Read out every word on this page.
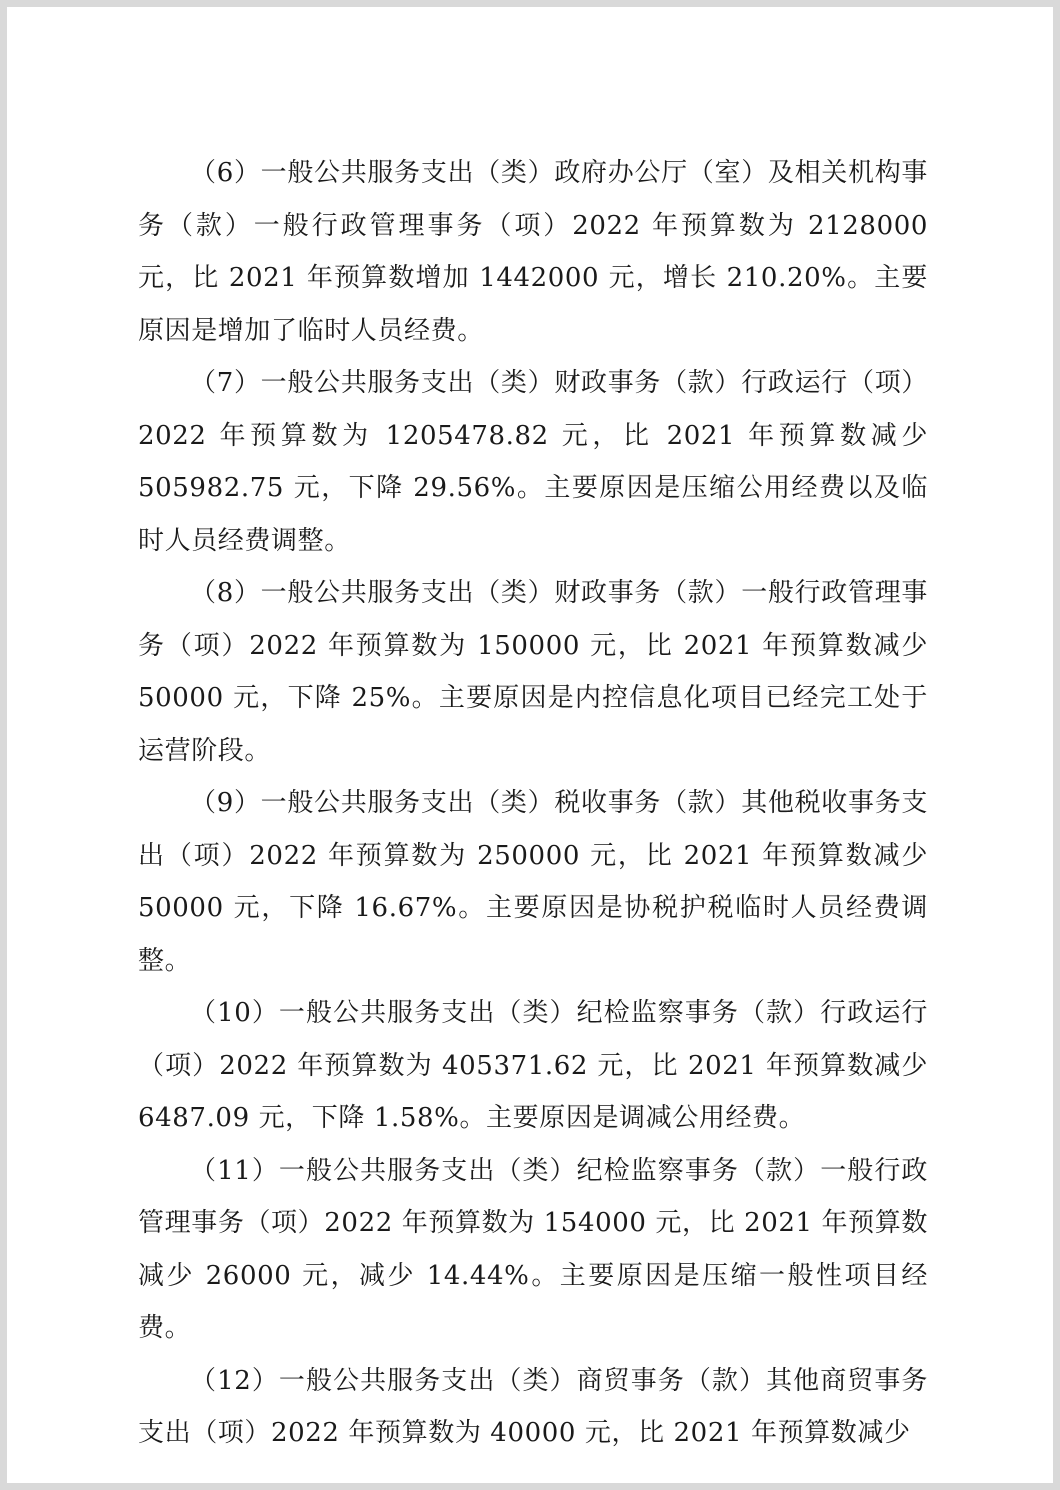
（6）一般公共服务支出（类）政府办公厅（室）及相关机构事务（款）一般行政管理事务（项）2022 年预算数为 2128000 元，比 2021 年预算数增加 1442000 元，增长 210.20%。主要原因是增加了临时人员经费。

（7）一般公共服务支出（类）财政事务（款）行政运行（项）2022 年预算数为 1205478.82 元，比 2021 年预算数减少 505982.75 元，下降 29.56%。主要原因是压缩公用经费以及临时人员经费调整。

（8）一般公共服务支出（类）财政事务（款）一般行政管理事务（项）2022 年预算数为 150000 元，比 2021 年预算数减少 50000 元，下降 25%。主要原因是内控信息化项目已经完工处于运营阶段。

（9）一般公共服务支出（类）税收事务（款）其他税收事务支出（项）2022 年预算数为 250000 元，比 2021 年预算数减少 50000 元，下降 16.67%。主要原因是协税护税临时人员经费调整。

（10）一般公共服务支出（类）纪检监察事务（款）行政运行（项）2022 年预算数为 405371.62 元，比 2021 年预算数减少 6487.09 元，下降 1.58%。主要原因是调减公用经费。

（11）一般公共服务支出（类）纪检监察事务（款）一般行政管理事务（项）2022 年预算数为 154000 元，比 2021 年预算数减少 26000 元，减少 14.44%。主要原因是压缩一般性项目经费。

（12）一般公共服务支出（类）商贸事务（款）其他商贸事务支出（项）2022 年预算数为 40000 元，比 2021 年预算数减少
